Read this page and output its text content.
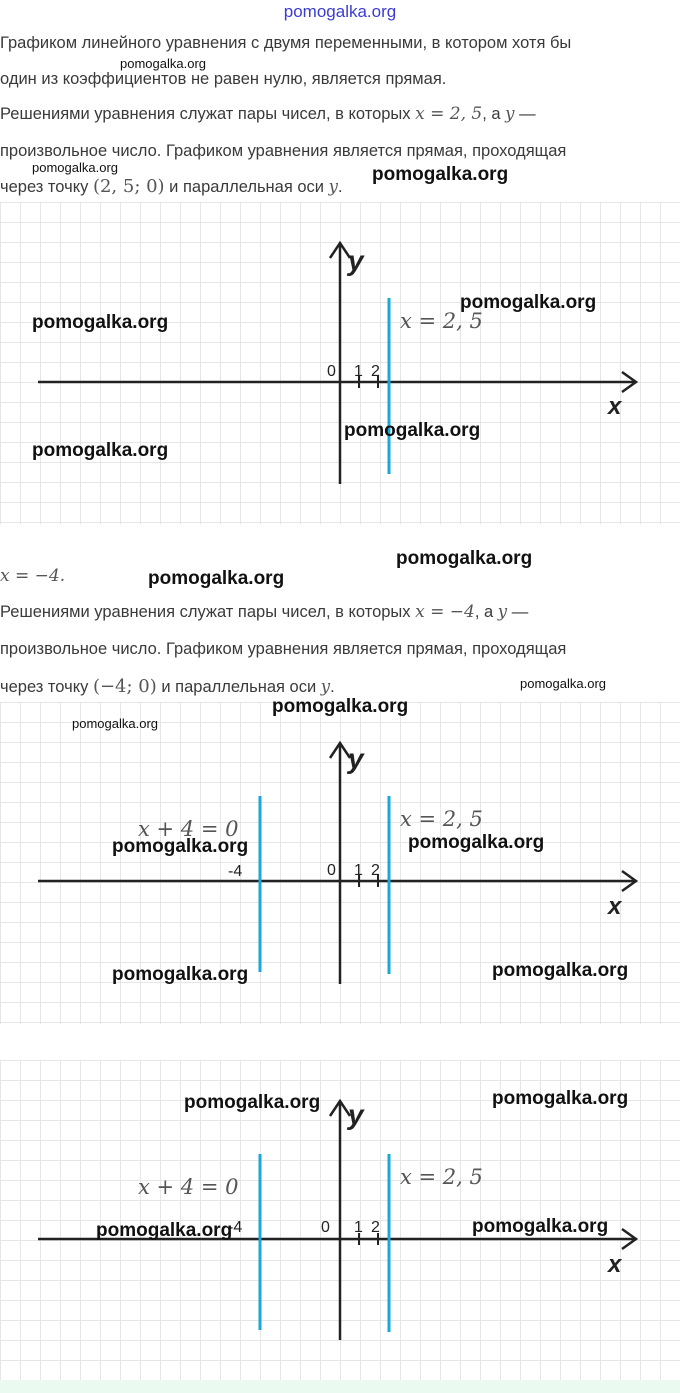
pomogalka.org
Графиком линейного уравнения с двумя переменными, в котором хотя бы
один из коэффициентов не равен нулю, является прямая.
Решениями уравнения служат пары чисел, в которых x = 2, 5, а y —
произвольное число. Графиком уравнения является прямая, проходящая
через точку (2, 5; 0) и параллельная оси y.
0 1 2
y
x
x = 2, 5
x = −4.
Решениями уравнения служат пары чисел, в которых x = −4, а y —
произвольное число. Графиком уравнения является прямая, проходящая
через точку (−4; 0) и параллельная оси y.
0 1 2
-4
y
x
x = 2, 5
x + 4 = 0
0 1 2
-4
y
x
x = 2, 5
x + 4 = 0
pomogalka.org
pomogalka.org	pomogalka.org
pomogalka.org
pomogalka.org
pomogalka.org
pomogalka.org
pomogalka.org
pomogalka.org
pomogalka.org
pomogalka.org
pomogalka.org
pomogalka.org	pomogalka.org
pomogalka.org	pomogalka.org
pomogalka.org	pomogalka.org
pomogalka.org	pomogalka.org
